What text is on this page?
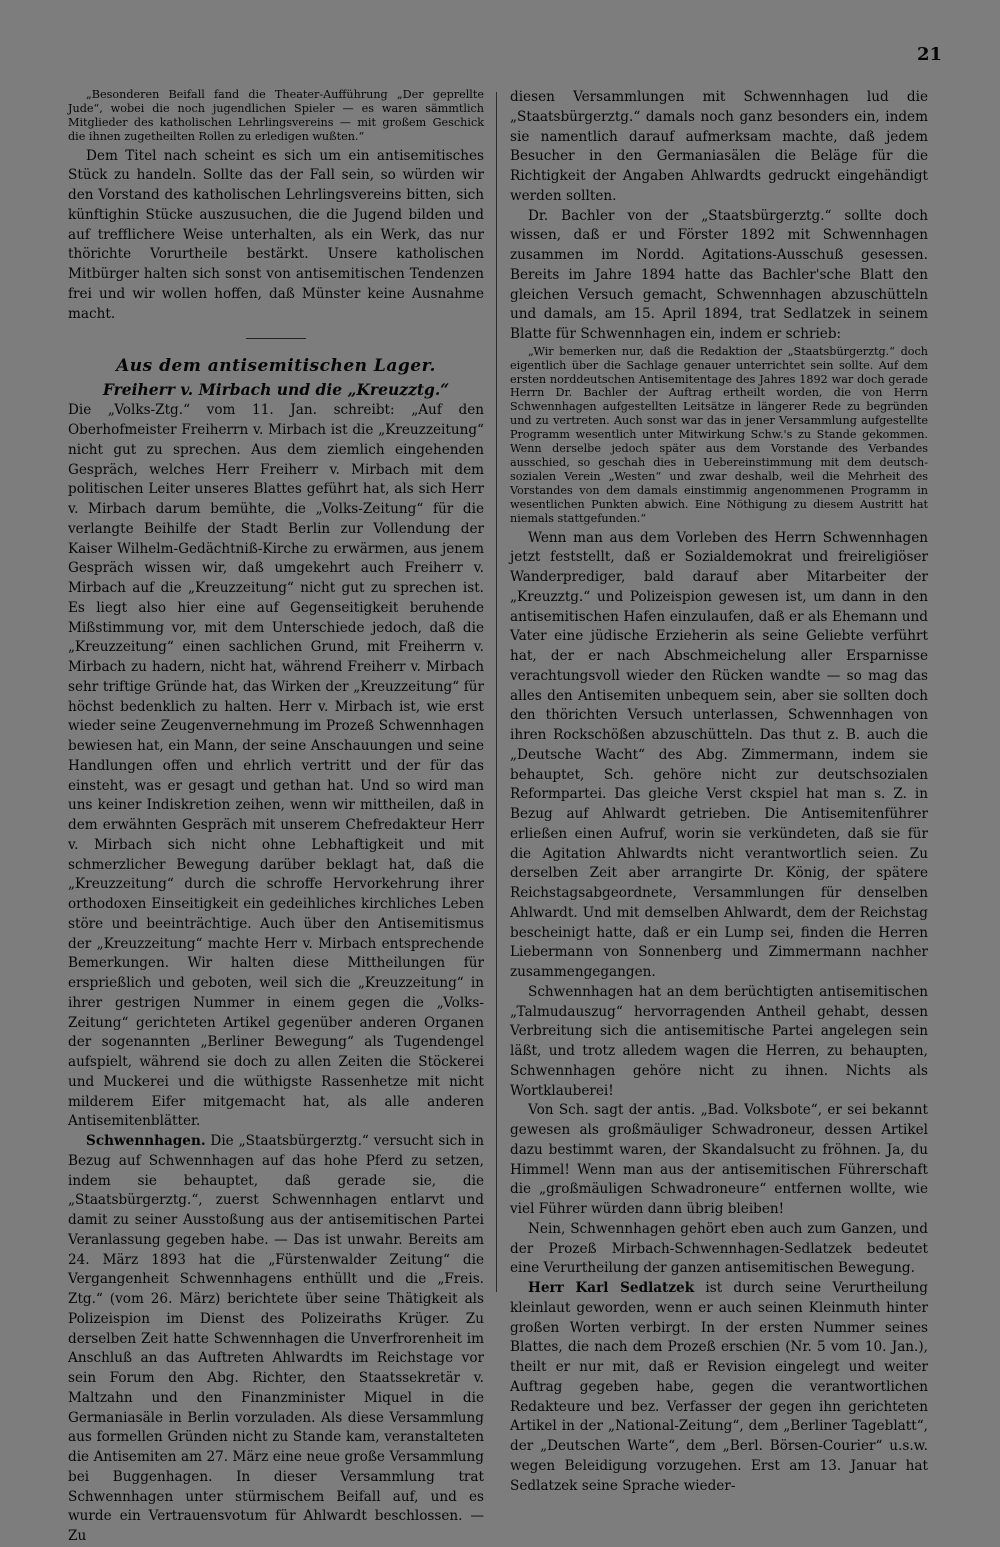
21

„Besonderen Beifall fand die Theater-Aufführung „Der geprellte Jude“, wobei die noch jugendlichen Spieler — es waren sämmtlich Mitglieder des katholischen Lehrlingsvereins — mit großem Geschick die ihnen zugetheilten Rollen zu erledigen wußten.“

Dem Titel nach scheint es sich um ein antisemitisches Stück zu handeln. Sollte das der Fall sein, so würden wir den Vorstand des katholischen Lehrlingsvereins bitten, sich künftighin Stücke auszusuchen, die die Jugend bilden und auf trefflichere Weise unterhalten, als ein Werk, das nur thörichte Vorurtheile bestärkt. Unsere katholischen Mitbürger halten sich sonst von antisemitischen Tendenzen frei und wir wollen hoffen, daß Münster keine Ausnahme macht.

Aus dem antisemitischen Lager.
Freiherr v. Mirbach und die „Kreuzztg.“

Die „Volks-Ztg.“ vom 11. Jan. schreibt: „Auf den Oberhofmeister Freiherrn v. Mirbach ist die „Kreuzzeitung“ nicht gut zu sprechen. Aus dem ziemlich eingehenden Gespräch, welches Herr Freiherr v. Mirbach mit dem politischen Leiter unseres Blattes geführt hat, als sich Herr v. Mirbach darum bemühte, die „Volks-Zeitung“ für die verlangte Beihilfe der Stadt Berlin zur Vollendung der Kaiser Wilhelm-Gedächtniß-Kirche zu erwärmen, aus jenem Gespräch wissen wir, daß umgekehrt auch Freiherr v. Mirbach auf die „Kreuzzeitung“ nicht gut zu sprechen ist. Es liegt also hier eine auf Gegenseitigkeit beruhende Mißstimmung vor, mit dem Unterschiede jedoch, daß die „Kreuzzeitung“ einen sachlichen Grund, mit Freiherrn v. Mirbach zu hadern, nicht hat, während Freiherr v. Mirbach sehr triftige Gründe hat, das Wirken der „Kreuzzeitung“ für höchst bedenklich zu halten. Herr v. Mirbach ist, wie erst wieder seine Zeugenvernehmung im Prozeß Schwennhagen bewiesen hat, ein Mann, der seine Anschauungen und seine Handlungen offen und ehrlich vertritt und der für das einsteht, was er gesagt und gethan hat. Und so wird man uns keiner Indiskretion zeihen, wenn wir mittheilen, daß in dem erwähnten Gespräch mit unserem Chefredakteur Herr v. Mirbach sich nicht ohne Lebhaftigkeit und mit schmerzlicher Bewegung darüber beklagt hat, daß die „Kreuzzeitung“ durch die schroffe Hervorkehrung ihrer orthodoxen Einseitigkeit ein gedeihliches kirchliches Leben störe und beeinträchtige. Auch über den Antisemitismus der „Kreuzzeitung“ machte Herr v. Mirbach entsprechende Bemerkungen. Wir halten diese Mittheilungen für ersprießlich und geboten, weil sich die „Kreuzzeitung“ in ihrer gestrigen Nummer in einem gegen die „Volks-Zeitung“ gerichteten Artikel gegenüber anderen Organen der sogenannten „Berliner Bewegung“ als Tugendengel aufspielt, während sie doch zu allen Zeiten die Stöckerei und Muckerei und die wüthigste Rassenhetze mit nicht milderem Eifer mitgemacht hat, als alle anderen Antisemitenblätter.

Schwennhagen. Die „Staatsbürgerztg.“ versucht sich in Bezug auf Schwennhagen auf das hohe Pferd zu setzen, indem sie behauptet, daß gerade sie, die „Staatsbürgerztg.“, zuerst Schwennhagen entlarvt und damit zu seiner Ausstoßung aus der antisemitischen Partei Veranlassung gegeben habe. — Das ist unwahr. Bereits am 24. März 1893 hat die „Fürstenwalder Zeitung“ die Vergangenheit Schwennhagens enthüllt und die „Freis. Ztg.“ (vom 26. März) berichtete über seine Thätigkeit als Polizeispion im Dienst des Polizeiraths Krüger. Zu derselben Zeit hatte Schwennhagen die Unverfrorenheit im Anschluß an das Auftreten Ahlwardts im Reichstage vor sein Forum den Abg. Richter, den Staatssekretär v. Maltzahn und den Finanzminister Miquel in die Germaniasäle in Berlin vorzuladen. Als diese Versammlung aus formellen Gründen nicht zu Stande kam, veranstalteten die Antisemiten am 27. März eine neue große Versammlung bei Buggenhagen. In dieser Versammlung trat Schwennhagen unter stürmischem Beifall auf, und es wurde ein Vertrauensvotum für Ahlwardt beschlossen. — Zu

diesen Versammlungen mit Schwennhagen lud die „Staatsbürgerztg.“ damals noch ganz besonders ein, indem sie namentlich darauf aufmerksam machte, daß jedem Besucher in den Germaniasälen die Beläge für die Richtigkeit der Angaben Ahlwardts gedruckt eingehändigt werden sollten.

Dr. Bachler von der „Staatsbürgerztg.“ sollte doch wissen, daß er und Förster 1892 mit Schwennhagen zusammen im Nordd. Agitations-Ausschuß gesessen. Bereits im Jahre 1894 hatte das Bachler'sche Blatt den gleichen Versuch gemacht, Schwennhagen abzuschütteln und damals, am 15. April 1894, trat Sedlatzek in seinem Blatte für Schwennhagen ein, indem er schrieb:

„Wir bemerken nur, daß die Redaktion der „Staatsbürgerztg.“ doch eigentlich über die Sachlage genauer unterrichtet sein sollte. Auf dem ersten norddeutschen Antisemitentage des Jahres 1892 war doch gerade Herrn Dr. Bachler der Auftrag ertheilt worden, die von Herrn Schwennhagen aufgestellten Leitsätze in längerer Rede zu begründen und zu vertreten. Auch sonst war das in jener Versammlung aufgestellte Programm wesentlich unter Mitwirkung Schw.'s zu Stande gekommen. Wenn derselbe jedoch später aus dem Vorstande des Verbandes ausschied, so geschah dies in Uebereinstimmung mit dem deutsch-sozialen Verein „Westen“ und zwar deshalb, weil die Mehrheit des Vorstandes von dem damals einstimmig angenommenen Programm in wesentlichen Punkten abwich. Eine Nöthigung zu diesem Austritt hat niemals stattgefunden.“

Wenn man aus dem Vorleben des Herrn Schwennhagen jetzt feststellt, daß er Sozialdemokrat und freireligiöser Wanderprediger, bald darauf aber Mitarbeiter der „Kreuzztg.“ und Polizeispion gewesen ist, um dann in den antisemitischen Hafen einzulaufen, daß er als Ehemann und Vater eine jüdische Erzieherin als seine Geliebte verführt hat, der er nach Abschmeichelung aller Ersparnisse verachtungsvoll wieder den Rücken wandte — so mag das alles den Antisemiten unbequem sein, aber sie sollten doch den thörichten Versuch unterlassen, Schwennhagen von ihren Rockschößen abzuschütteln. Das thut z. B. auch die „Deutsche Wacht“ des Abg. Zimmermann, indem sie behauptet, Sch. gehöre nicht zur deutschsozialen Reformpartei. Das gleiche Verst ckspiel hat man s. Z. in Bezug auf Ahlwardt getrieben. Die Antisemitenführer erließen einen Aufruf, worin sie verkündeten, daß sie für die Agitation Ahlwardts nicht verantwortlich seien. Zu derselben Zeit aber arrangirte Dr. König, der spätere Reichstagsabgeordnete, Versammlungen für denselben Ahlwardt. Und mit demselben Ahlwardt, dem der Reichstag bescheinigt hatte, daß er ein Lump sei, finden die Herren Liebermann von Sonnenberg und Zimmermann nachher zusammengegangen.

Schwennhagen hat an dem berüchtigten antisemitischen „Talmudauszug“ hervorragenden Antheil gehabt, dessen Verbreitung sich die antisemitische Partei angelegen sein läßt, und trotz alledem wagen die Herren, zu behaupten, Schwennhagen gehöre nicht zu ihnen. Nichts als Wortklauberei!

Von Sch. sagt der antis. „Bad. Volksbote“, er sei bekannt gewesen als großmäuliger Schwadroneur, dessen Artikel dazu bestimmt waren, der Skandalsucht zu fröhnen. Ja, du Himmel! Wenn man aus der antisemitischen Führerschaft die „großmäuligen Schwadroneure“ entfernen wollte, wie viel Führer würden dann übrig bleiben!

Nein, Schwennhagen gehört eben auch zum Ganzen, und der Prozeß Mirbach-Schwennhagen-Sedlatzek bedeutet eine Verurtheilung der ganzen antisemitischen Bewegung.

Herr Karl Sedlatzek ist durch seine Verurtheilung kleinlaut geworden, wenn er auch seinen Kleinmuth hinter großen Worten verbirgt. In der ersten Nummer seines Blattes, die nach dem Prozeß erschien (Nr. 5 vom 10. Jan.), theilt er nur mit, daß er Revision eingelegt und weiter Auftrag gegeben habe, gegen die verantwortlichen Redakteure und bez. Verfasser der gegen ihn gerichteten Artikel in der „National-Zeitung“, dem „Berliner Tageblatt“, der „Deutschen Warte“, dem „Berl. Börsen-Courier“ u.s.w. wegen Beleidigung vorzugehen. Erst am 13. Januar hat Sedlatzek seine Sprache wieder-
